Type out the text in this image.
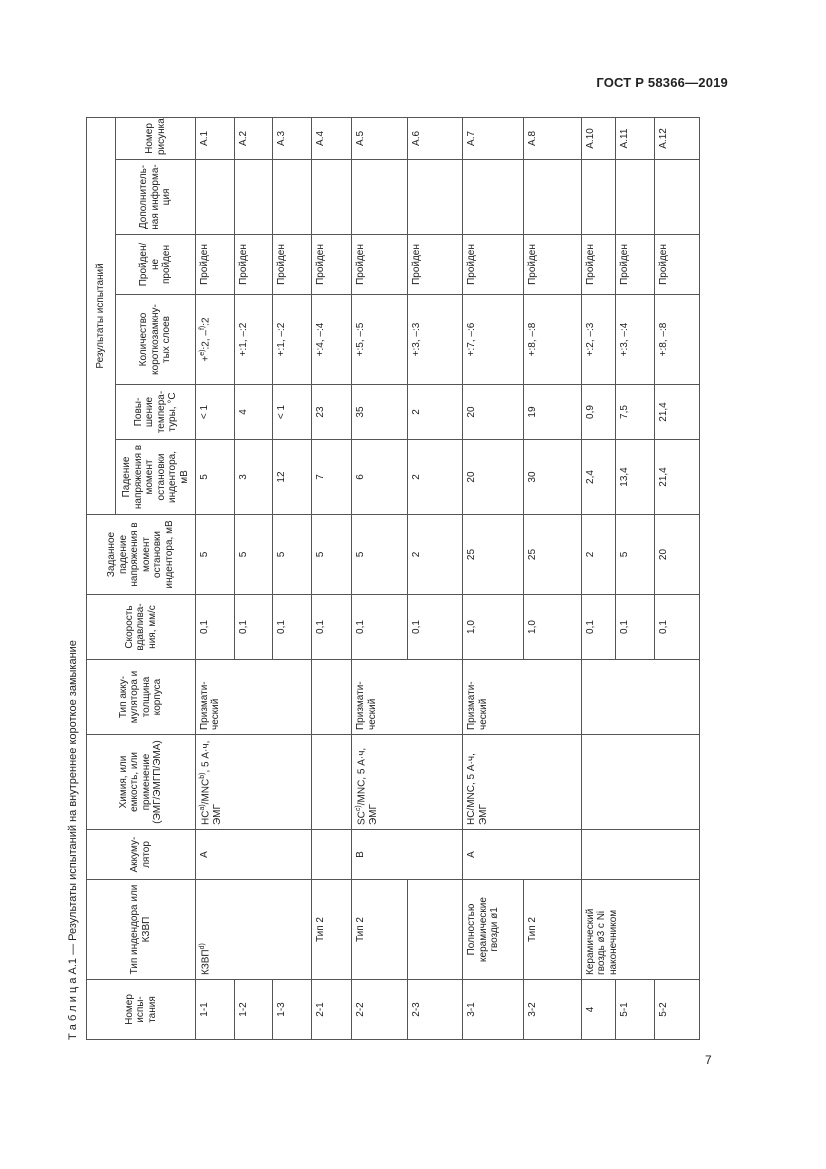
ГОСТ Р 58366—2019
Т а б л и ц а А.1 — Результаты испытаний на внутреннее короткое замыкание	Номер испы-тания	Тип индендора или КЗВП	Аккуму-лятор	Химия, или емкость, или применение (ЭМГ/ЭМГП/ЭМА)	Тип акку-мулятора и толщина корпуса	Скорость вдавлива-ния, мм/с	Заданное падение напряжения в момент остановки индентора, мВ	Результаты испытаний					
							Падение напряжения в момент остановки индентора, мВ	Повы-шение темпера-туры, °С	Количество короткозамкну-тых слоев	Пройден/ не пройден	Дополнитель-ная информа-ция	Номер рисунка
1-1	КЗВП$^{d)}$	A	HC$^{a)}$/MNC$^{b)}$, 5 А·ч, ЭМГ	Призмати-ческий	0,1	5	5	< 1	+$^{e)}$:2, –$^{f)}$:2	Пройден		А.1
1-2					0,1	5	3	4	+:1, –:2	Пройден		А.2
1-3					0,1	5	12	< 1	+:1, –:2	Пройден		А.3
2-1	Тип 2				0,1	5	7	23	+:4, –:4	Пройден		А.4
2-2	Тип 2	B	SC$^{c)}$/MNC, 5 А·ч, ЭМГ	Призмати-ческий	0,1	5	6	35	+:5, –:5	Пройден		А.5
2-3					0,1	2	2	2	+:3, –:3	Пройден		А.6
3-1	Полностью керамические гвозди ø1	A	HC/MNC, 5 А·ч, ЭМГ	Призмати-ческий	1,0	25	20	20	+:7, –:6	Пройден		А.7
3-2	Тип 2				1,0	25	30	19	+:8, –:8	Пройден		А.8
4	Керамический гвоздь ø3 с Ni наконечником				0,1	2	2,4	0,9	+:2, –:3	Пройден		А.10
5-1					0,1	5	13,4	7,5	+:3, –:4	Пройден		А.11
5-2					0,1	20	21,4	21,4	+:8, –:8	Пройден		А.12
7
